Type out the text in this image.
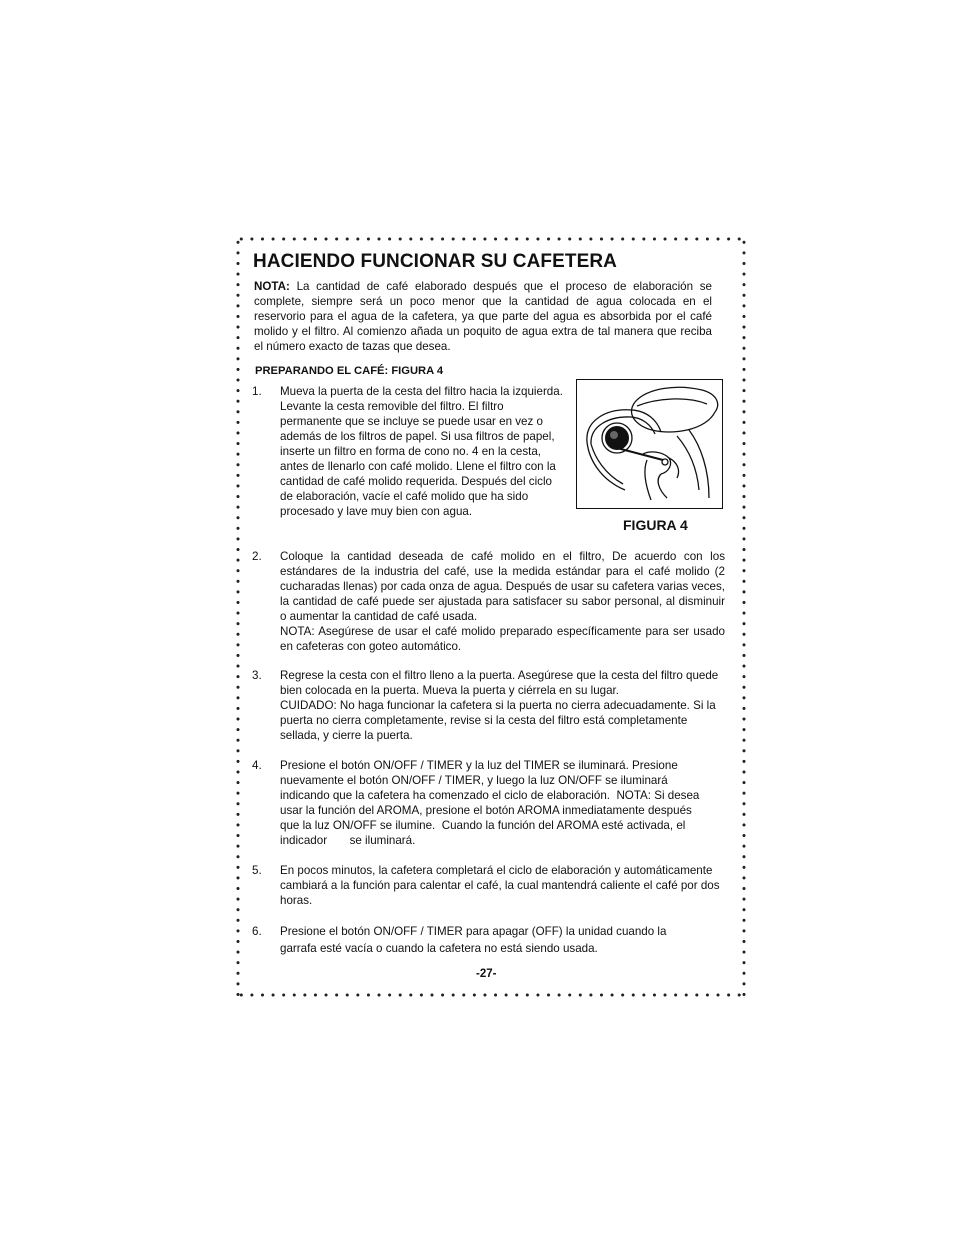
HACIENDO FUNCIONAR SU CAFETERA
NOTA: La cantidad de café elaborado después que el proceso de elaboración se complete, siempre será un poco menor que la cantidad de agua colocada en el reservorio para el agua de la cafetera, ya que parte del agua es absorbida por el café molido y el filtro. Al comienzo añada un poquito de agua extra de tal manera que reciba el número exacto de tazas que desea.
PREPARANDO EL CAFÉ: FIGURA 4
1.	Mueva la puerta de la cesta del filtro hacia la izquierda. Levante la cesta removible del filtro. El filtro permanente que se incluye se puede usar en vez o además de los filtros de papel. Si usa filtros de papel, inserte un filtro en forma de cono no. 4 en la cesta, antes de llenarlo con café molido. Llene el filtro con la cantidad de café molido requerida. Después del ciclo de elaboración, vacíe el café molido que ha sido procesado y lave muy bien con agua.
FIGURA 4
2.	Coloque la cantidad deseada de café molido en el filtro, De acuerdo con los estándares de la industria del café, use la medida estándar para el café molido (2 cucharadas llenas) por cada onza de agua. Después de usar su cafetera varias veces, la cantidad de café puede ser ajustada para satisfacer su sabor personal, al disminuir o aumentar la cantidad de café usada.
NOTA: Asegúrese de usar el café molido preparado específicamente para ser usado en cafeteras con goteo automático.
3.	Regrese la cesta con el filtro lleno a la puerta. Asegúrese que la cesta del filtro quede bien colocada en la puerta. Mueva la puerta y ciérrela en su lugar.
CUIDADO: No haga funcionar la cafetera si la puerta no cierra adecuadamente. Si la puerta no cierra completamente, revise si la cesta del filtro está completamente sellada, y cierre la puerta.
4.	Presione el botón ON/OFF / TIMER y la luz del TIMER se iluminará. Presione nuevamente el botón ON/OFF / TIMER, y luego la luz ON/OFF se iluminará indicando que la cafetera ha comenzado el ciclo de elaboración.  NOTA: Si desea usar la función del AROMA, presione el botón AROMA inmediatamente después que la luz ON/OFF se ilumine.  Cuando la función del AROMA esté activada, el indicador       se iluminará.
5.	En pocos minutos, la cafetera completará el ciclo de elaboración y automáticamente cambiará a la función para calentar el café, la cual mantendrá caliente el café por dos horas.
6.	Presione el botón ON/OFF / TIMER para apagar (OFF) la unidad cuando la garrafa esté vacía o cuando la cafetera no está siendo usada.
-27-
